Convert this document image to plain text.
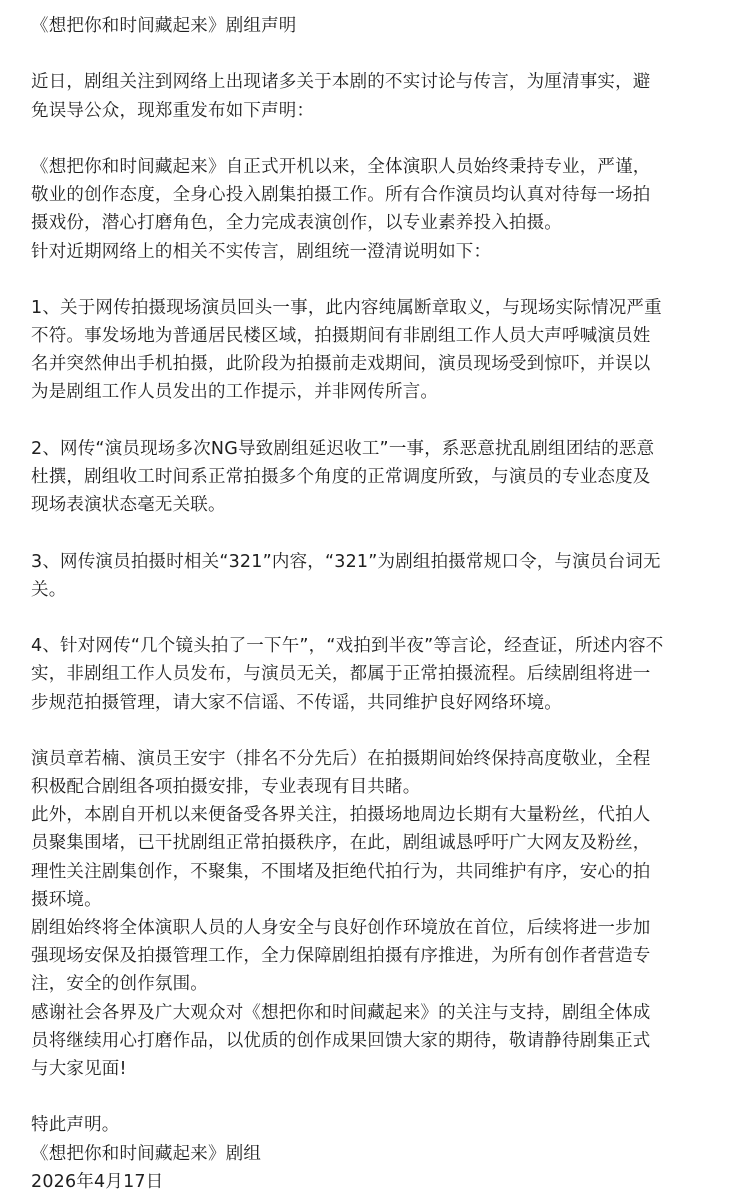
《想把你和时间藏起来》剧组声明
近日，剧组关注到网络上出现诸多关于本剧的不实讨论与传言，为厘清事实，避
免误导公众，现郑重发布如下声明：
《想把你和时间藏起来》自正式开机以来，全体演职人员始终秉持专业，严谨，
敬业的创作态度，全身心投入剧集拍摄工作。所有合作演员均认真对待每一场拍
摄戏份，潜心打磨角色，全力完成表演创作，以专业素养投入拍摄。
针对近期网络上的相关不实传言，剧组统一澄清说明如下：
1、关于网传拍摄现场演员回头一事，此内容纯属断章取义，与现场实际情况严重
不符。事发场地为普通居民楼区域，拍摄期间有非剧组工作人员大声呼喊演员姓
名并突然伸出手机拍摄，此阶段为拍摄前走戏期间，演员现场受到惊吓，并误以
为是剧组工作人员发出的工作提示，并非网传所言。
2、网传“演员现场多次NG导致剧组延迟收工”一事，系恶意扰乱剧组团结的恶意
杜撰，剧组收工时间系正常拍摄多个角度的正常调度所致，与演员的专业态度及
现场表演状态毫无关联。
3、网传演员拍摄时相关“321”内容，“321”为剧组拍摄常规口令，与演员台词无
关。
4、针对网传“几个镜头拍了一下午”，“戏拍到半夜”等言论，经查证，所述内容不
实，非剧组工作人员发布，与演员无关，都属于正常拍摄流程。后续剧组将进一
步规范拍摄管理，请大家不信谣、不传谣，共同维护良好网络环境。
演员章若楠、演员王安宇（排名不分先后）在拍摄期间始终保持高度敬业，全程
积极配合剧组各项拍摄安排，专业表现有目共睹。
此外，本剧自开机以来便备受各界关注，拍摄场地周边长期有大量粉丝，代拍人
员聚集围堵，已干扰剧组正常拍摄秩序，在此，剧组诚恳呼吁广大网友及粉丝，
理性关注剧集创作，不聚集，不围堵及拒绝代拍行为，共同维护有序，安心的拍
摄环境。
剧组始终将全体演职人员的人身安全与良好创作环境放在首位，后续将进一步加
强现场安保及拍摄管理工作，全力保障剧组拍摄有序推进，为所有创作者营造专
注，安全的创作氛围。
感谢社会各界及广大观众对《想把你和时间藏起来》的关注与支持，剧组全体成
员将继续用心打磨作品，以优质的创作成果回馈大家的期待，敬请静待剧集正式
与大家见面!
特此声明。
《想把你和时间藏起来》剧组
2026年4月17日
